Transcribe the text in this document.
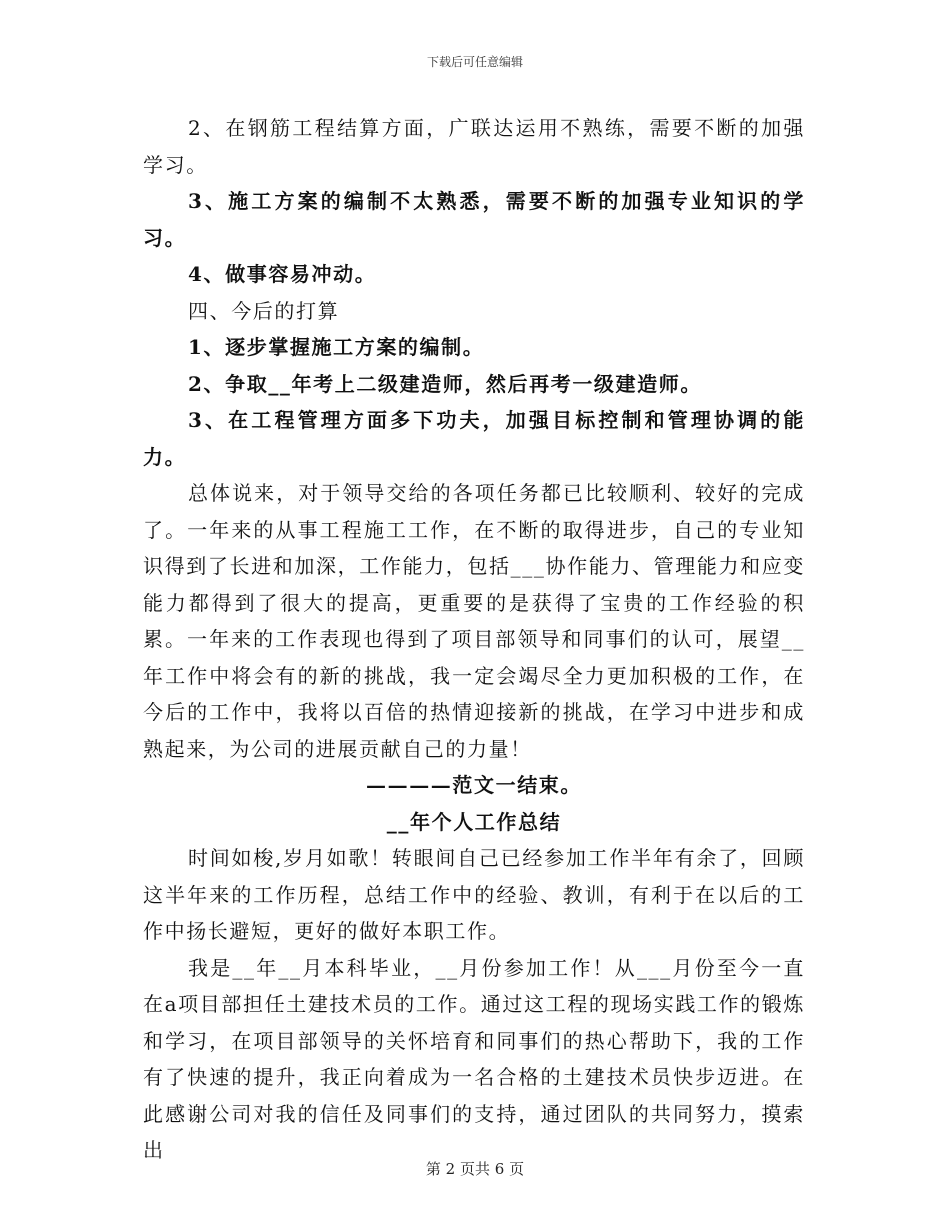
下载后可任意编辑

2、在钢筋工程结算方面，广联达运用不熟练，需要不断的加强学习。

3、施工方案的编制不太熟悉，需要不断的加强专业知识的学习。

4、做事容易冲动。

四、今后的打算

1、逐步掌握施工方案的编制。

2、争取__年考上二级建造师，然后再考一级建造师。

3、在工程管理方面多下功夫，加强目标控制和管理协调的能力。

总体说来，对于领导交给的各项任务都已比较顺利、较好的完成了。一年来的从事工程施工工作，在不断的取得进步，自己的专业知识得到了长进和加深，工作能力，包括___协作能力、管理能力和应变能力都得到了很大的提高，更重要的是获得了宝贵的工作经验的积累。一年来的工作表现也得到了项目部领导和同事们的认可，展望__年工作中将会有的新的挑战，我一定会竭尽全力更加积极的工作，在今后的工作中，我将以百倍的热情迎接新的挑战，在学习中进步和成熟起来，为公司的进展贡献自己的力量！

————范文一结束。

__年个人工作总结

时间如梭,岁月如歌！转眼间自己已经参加工作半年有余了，回顾这半年来的工作历程，总结工作中的经验、教训，有利于在以后的工作中扬长避短，更好的做好本职工作。

我是__年__月本科毕业，__月份参加工作！从___月份至今一直在a项目部担任土建技术员的工作。通过这工程的现场实践工作的锻炼和学习，在项目部领导的关怀培育和同事们的热心帮助下，我的工作有了快速的提升，我正向着成为一名合格的土建技术员快步迈进。在此感谢公司对我的信任及同事们的支持，通过团队的共同努力，摸索出

第 2 页共 6 页
